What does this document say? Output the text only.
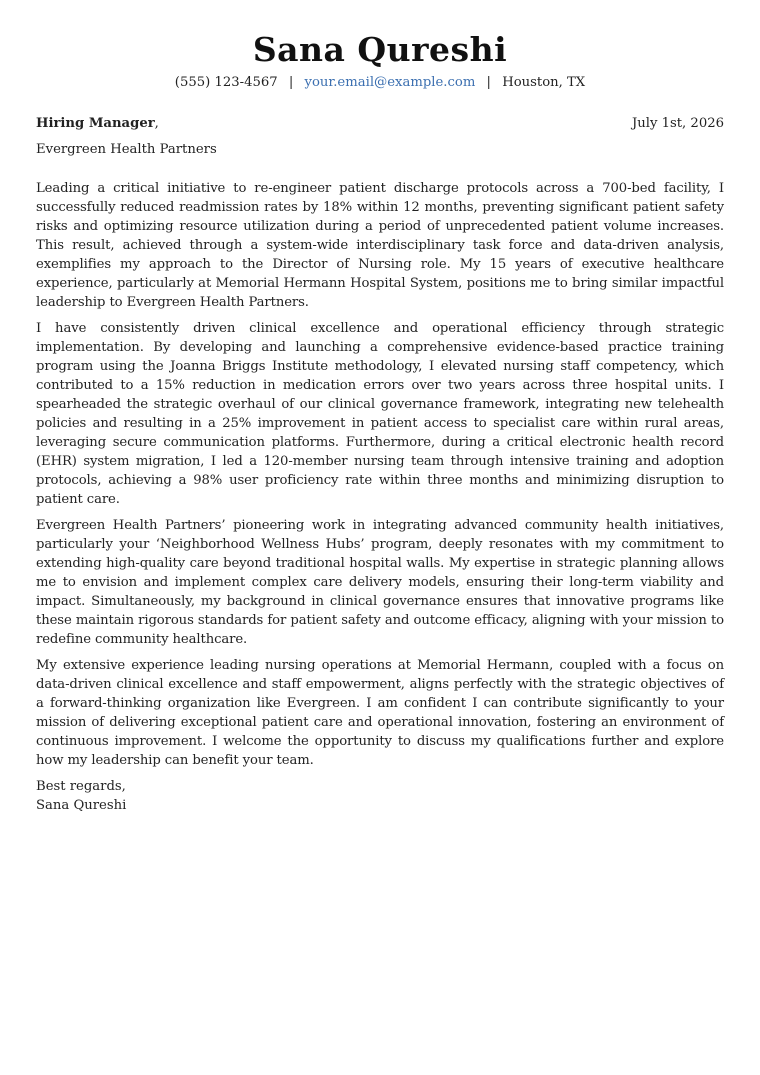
Sana Qureshi
(555) 123-4567 | your.email@example.com | Houston, TX
Hiring Manager,	July 1st, 2026
Evergreen Health Partners

Leading a critical initiative to re-engineer patient discharge protocols across a 700-bed facility, I successfully reduced readmission rates by 18% within 12 months, preventing significant patient safety risks and optimizing resource utilization during a period of unprecedented patient volume increases. This result, achieved through a system-wide interdisciplinary task force and data-driven analysis, exemplifies my approach to the Director of Nursing role. My 15 years of executive healthcare experience, particularly at Memorial Hermann Hospital System, positions me to bring similar impactful leadership to Evergreen Health Partners.

I have consistently driven clinical excellence and operational efficiency through strategic implementation. By developing and launching a comprehensive evidence-based practice training program using the Joanna Briggs Institute methodology, I elevated nursing staff competency, which contributed to a 15% reduction in medication errors over two years across three hospital units. I spearheaded the strategic overhaul of our clinical governance framework, integrating new telehealth policies and resulting in a 25% improvement in patient access to specialist care within rural areas, leveraging secure communication platforms. Furthermore, during a critical electronic health record (EHR) system migration, I led a 120-member nursing team through intensive training and adoption protocols, achieving a 98% user proficiency rate within three months and minimizing disruption to patient care.

Evergreen Health Partners’ pioneering work in integrating advanced community health initiatives, particularly your ‘Neighborhood Wellness Hubs’ program, deeply resonates with my commitment to extending high-quality care beyond traditional hospital walls. My expertise in strategic planning allows me to envision and implement complex care delivery models, ensuring their long-term viability and impact. Simultaneously, my background in clinical governance ensures that innovative programs like these maintain rigorous standards for patient safety and outcome efficacy, aligning with your mission to redefine community healthcare.

My extensive experience leading nursing operations at Memorial Hermann, coupled with a focus on data-driven clinical excellence and staff empowerment, aligns perfectly with the strategic objectives of a forward-thinking organization like Evergreen. I am confident I can contribute significantly to your mission of delivering exceptional patient care and operational innovation, fostering an environment of continuous improvement. I welcome the opportunity to discuss my qualifications further and explore how my leadership can benefit your team.

Best regards,
Sana Qureshi
